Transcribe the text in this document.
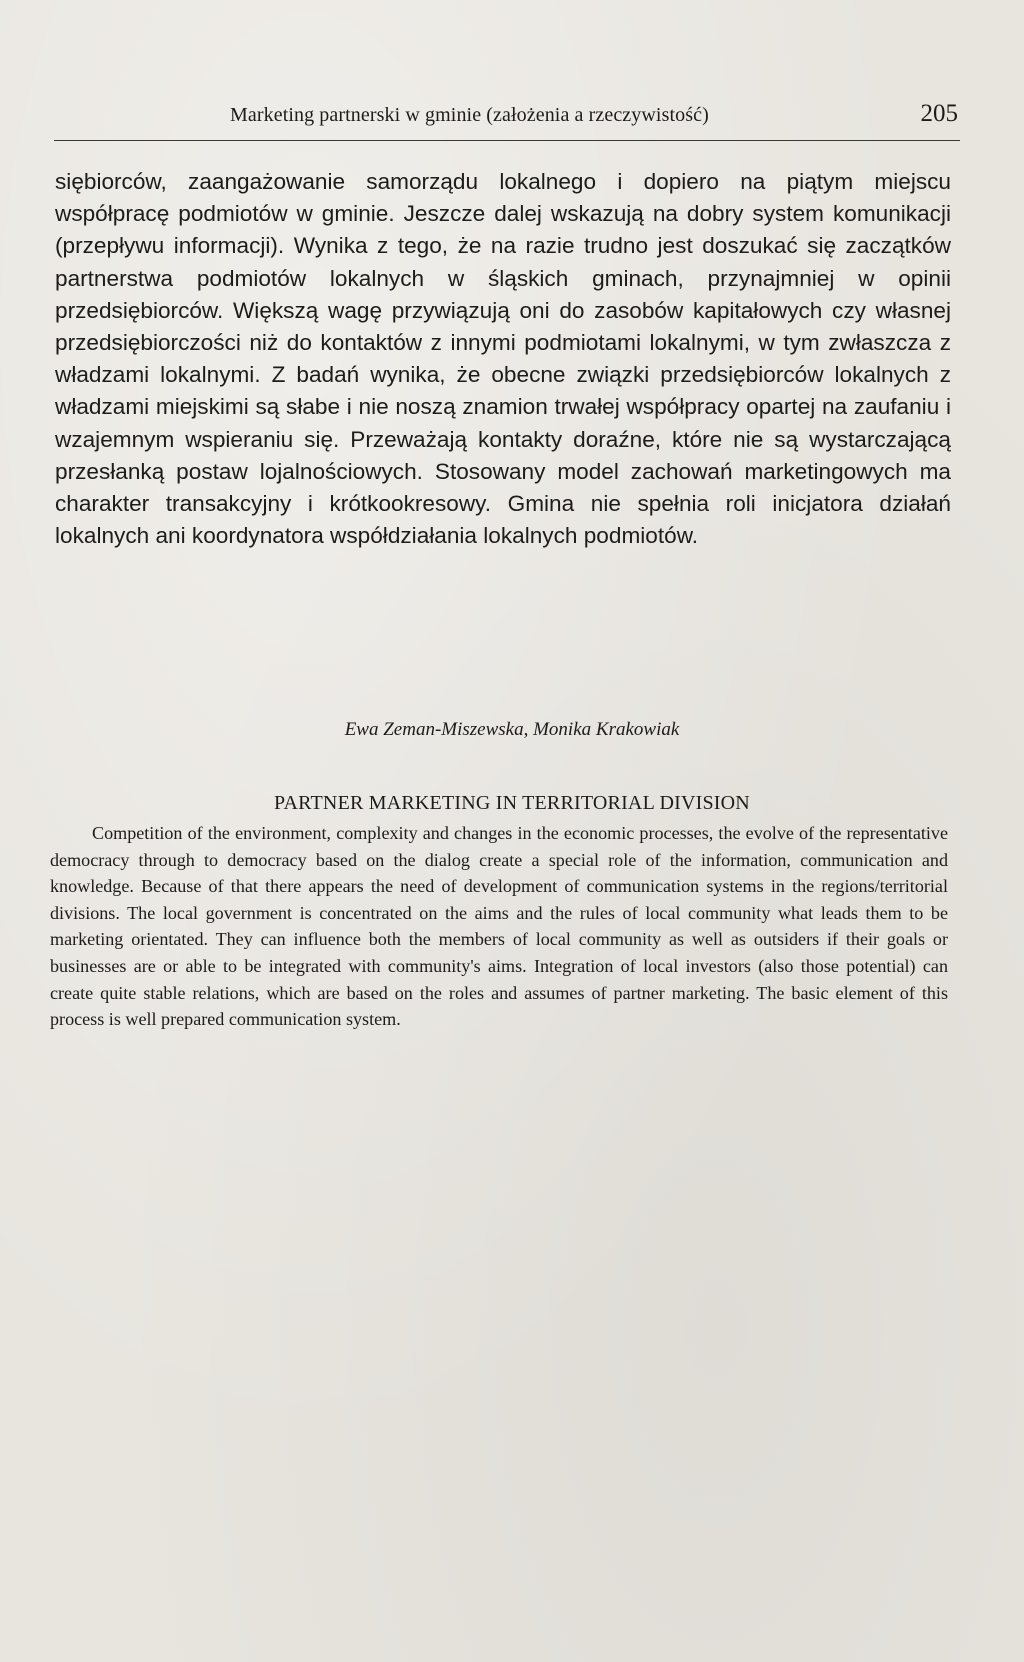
Marketing partnerski w gminie (założenia a rzeczywistość)	205

siębiorców, zaangażowanie samorządu lokalnego i dopiero na piątym miejscu współpracę podmiotów w gminie. Jeszcze dalej wskazują na dobry system komunikacji (przepływu informacji). Wynika z tego, że na razie trudno jest doszukać się zaczątków partnerstwa podmiotów lokalnych w śląskich gminach, przynajmniej w opinii przedsiębiorców. Większą wagę przywiązują oni do zasobów kapitałowych czy własnej przedsiębiorczości niż do kontaktów z innymi podmiotami lokalnymi, w tym zwłaszcza z władzami lokalnymi. Z badań wynika, że obecne związki przedsiębiorców lokalnych z władzami miejskimi są słabe i nie noszą znamion trwałej współpracy opartej na zaufaniu i wzajemnym wspieraniu się. Przeważają kontakty doraźne, które nie są wystarczającą przesłanką postaw lojalnościowych. Stosowany model zachowań marketingowych ma charakter transakcyjny i krótkookresowy. Gmina nie spełnia roli inicjatora działań lokalnych ani koordynatora współdziałania lokalnych podmiotów.

Ewa Zeman-Miszewska, Monika Krakowiak
PARTNER MARKETING IN TERRITORIAL DIVISION

Competition of the environment, complexity and changes in the economic processes, the evolve of the representative democracy through to democracy based on the dialog create a special role of the information, communication and knowledge. Because of that there appears the need of development of communication systems in the regions/territorial divisions. The local government is concentrated on the aims and the rules of local community what leads them to be marketing orientated. They can influence both the members of local community as well as outsiders if their goals or businesses are or able to be integrated with community's aims. Integration of local investors (also those potential) can create quite stable relations, which are based on the roles and assumes of partner marketing. The basic element of this process is well prepared communication system.
